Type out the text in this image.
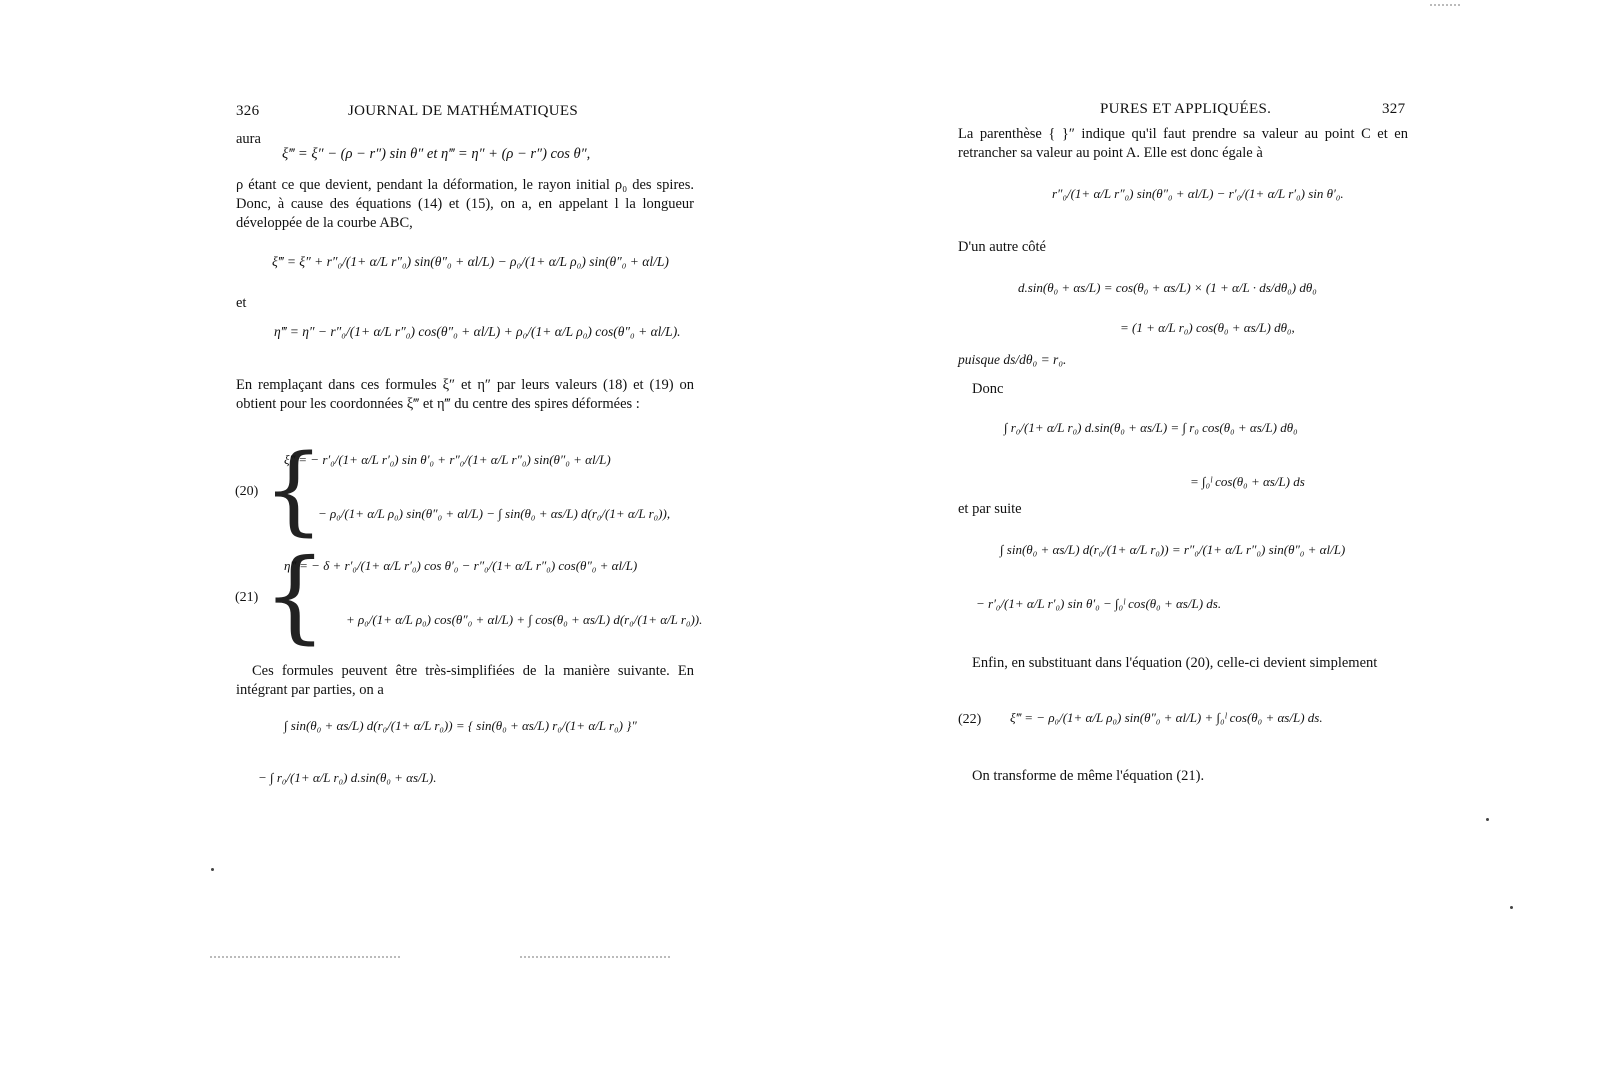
326	JOURNAL DE MATHÉMATIQUES
aura
ξ‴ = ξ″ − (ρ − r″) sin θ″ et η‴ = η″ + (ρ − r″) cos θ″,
ρ étant ce que devient, pendant la déformation, le rayon initial ρ₀ des spires. Donc, à cause des équations (14) et (15), on a, en appelant l la longueur développée de la courbe ABC,
ξ‴ = ξ″ + r″₀/(1+ α/L r″₀) sin(θ″₀ + αl/L) − ρ₀/(1+ α/L ρ₀) sin(θ″₀ + αl/L)
et
η‴ = η″ − r″₀/(1+ α/L r″₀) cos(θ″₀ + αl/L) + ρ₀/(1+ α/L ρ₀) cos(θ″₀ + αl/L).
En remplaçant dans ces formules ξ″ et η″ par leurs valeurs (18) et (19) on obtient pour les coordonnées ξ‴ et η‴ du centre des spires déformées :
(20) {
ξ‴ = − r′₀/(1+ α/L r′₀) sin θ′₀ + r″₀/(1+ α/L r″₀) sin(θ″₀ + αl/L)
− ρ₀/(1+ α/L ρ₀) sin(θ″₀ + αl/L) − ∫ sin(θ₀ + αs/L) d(r₀/(1+ α/L r₀)),
(21) {
η‴ = − δ + r′₀/(1+ α/L r′₀) cos θ′₀ − r″₀/(1+ α/L r″₀) cos(θ″₀ + αl/L)
+ ρ₀/(1+ α/L ρ₀) cos(θ″₀ + αl/L) + ∫ cos(θ₀ + αs/L) d(r₀/(1+ α/L r₀)).
Ces formules peuvent être très-simplifiées de la manière suivante. En intégrant par parties, on a
∫ sin(θ₀ + αs/L) d(r₀/(1+ α/L r₀)) = { sin(θ₀ + αs/L) r₀/(1+ α/L r₀) }″
− ∫ r₀/(1+ α/L r₀) d.sin(θ₀ + αs/L).
PURES ET APPLIQUÉES.	327
La parenthèse { }″ indique qu'il faut prendre sa valeur au point C et en retrancher sa valeur au point A. Elle est donc égale à
r″₀/(1+ α/L r″₀) sin(θ″₀ + αl/L) − r′₀/(1+ α/L r′₀) sin θ′₀.
D'un autre côté
d.sin(θ₀ + αs/L) = cos(θ₀ + αs/L) × (1 + α/L · ds/dθ₀) dθ₀
= (1 + α/L r₀) cos(θ₀ + αs/L) dθ₀,
puisque ds/dθ₀ = r₀.
Donc
∫ r₀/(1+ α/L r₀) d.sin(θ₀ + αs/L) = ∫ r₀ cos(θ₀ + αs/L) dθ₀
= ∫₀ˡ cos(θ₀ + αs/L) ds
et par suite
∫ sin(θ₀ + αs/L) d(r₀/(1+ α/L r₀)) = r″₀/(1+ α/L r″₀) sin(θ″₀ + αl/L)
− r′₀/(1+ α/L r′₀) sin θ′₀ − ∫₀ˡ cos(θ₀ + αs/L) ds.
Enfin, en substituant dans l'équation (20), celle-ci devient simplement
(22) ξ‴ = − ρ₀/(1+ α/L ρ₀) sin(θ″₀ + αl/L) + ∫₀ˡ cos(θ₀ + αs/L) ds.
On transforme de même l'équation (21).
